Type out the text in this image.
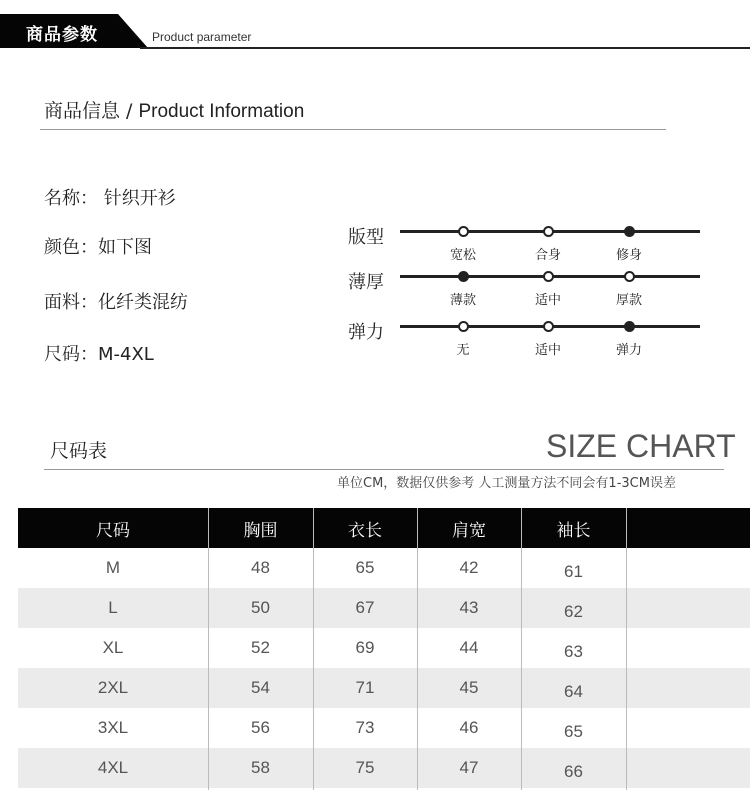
商品参数	Product parameter
商品信息 / Product Information
名称： 针织开衫
颜色：如下图
面料：化纤类混纺
尺码：M-4XL
版型
宽松	合身	修身
薄厚
薄款	适中	厚款
弹力
无	适中	弹力
尺码表	SIZE CHART
单位CM，数据仅供参考 人工测量方法不同会有1-3CM误差
尺码	胸围	衣长	肩宽	袖长
M	48	65	42	61
L	50	67	43	62
XL	52	69	44	63
2XL	54	71	45	64
3XL	56	73	46	65
4XL	58	75	47	66
